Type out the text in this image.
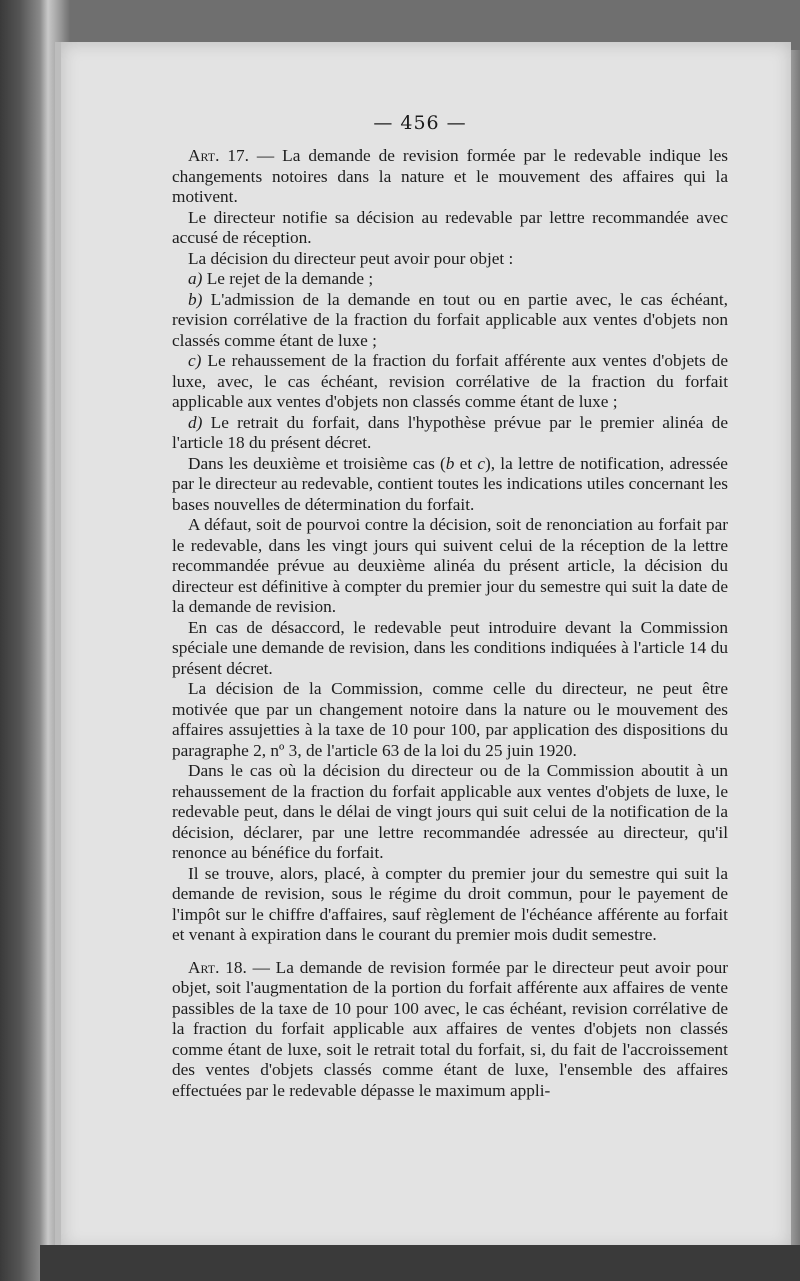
— 456 —

Art. 17. — La demande de revision formée par le redevable indique les changements notoires dans la nature et le mouvement des affaires qui la motivent.

Le directeur notifie sa décision au redevable par lettre recommandée avec accusé de réception.

La décision du directeur peut avoir pour objet :

a) Le rejet de la demande ;

b) L'admission de la demande en tout ou en partie avec, le cas échéant, revision corrélative de la fraction du forfait applicable aux ventes d'objets non classés comme étant de luxe ;

c) Le rehaussement de la fraction du forfait afférente aux ventes d'objets de luxe, avec, le cas échéant, revision corrélative de la fraction du forfait applicable aux ventes d'objets non classés comme étant de luxe ;

d) Le retrait du forfait, dans l'hypothèse prévue par le premier alinéa de l'article 18 du présent décret.

Dans les deuxième et troisième cas (b et c), la lettre de notification, adressée par le directeur au redevable, contient toutes les indications utiles concernant les bases nouvelles de détermination du forfait.

A défaut, soit de pourvoi contre la décision, soit de renonciation au forfait par le redevable, dans les vingt jours qui suivent celui de la réception de la lettre recommandée prévue au deuxième alinéa du présent article, la décision du directeur est définitive à compter du premier jour du semestre qui suit la date de la demande de revision.

En cas de désaccord, le redevable peut introduire devant la Commission spéciale une demande de revision, dans les conditions indiquées à l'article 14 du présent décret.

La décision de la Commission, comme celle du directeur, ne peut être motivée que par un changement notoire dans la nature ou le mouvement des affaires assujetties à la taxe de 10 pour 100, par application des dispositions du paragraphe 2, nº 3, de l'article 63 de la loi du 25 juin 1920.

Dans le cas où la décision du directeur ou de la Commission aboutit à un rehaussement de la fraction du forfait applicable aux ventes d'objets de luxe, le redevable peut, dans le délai de vingt jours qui suit celui de la notification de la décision, déclarer, par une lettre recommandée adressée au directeur, qu'il renonce au bénéfice du forfait.

Il se trouve, alors, placé, à compter du premier jour du semestre qui suit la demande de revision, sous le régime du droit commun, pour le payement de l'impôt sur le chiffre d'affaires, sauf règlement de l'échéance afférente au forfait et venant à expiration dans le courant du premier mois dudit semestre.

Art. 18. — La demande de revision formée par le directeur peut avoir pour objet, soit l'augmentation de la portion du forfait afférente aux affaires de vente passibles de la taxe de 10 pour 100 avec, le cas échéant, revision corrélative de la fraction du forfait applicable aux affaires de ventes d'objets non classés comme étant de luxe, soit le retrait total du forfait, si, du fait de l'accroissement des ventes d'objets classés comme étant de luxe, l'ensemble des affaires effectuées par le redevable dépasse le maximum appli-
